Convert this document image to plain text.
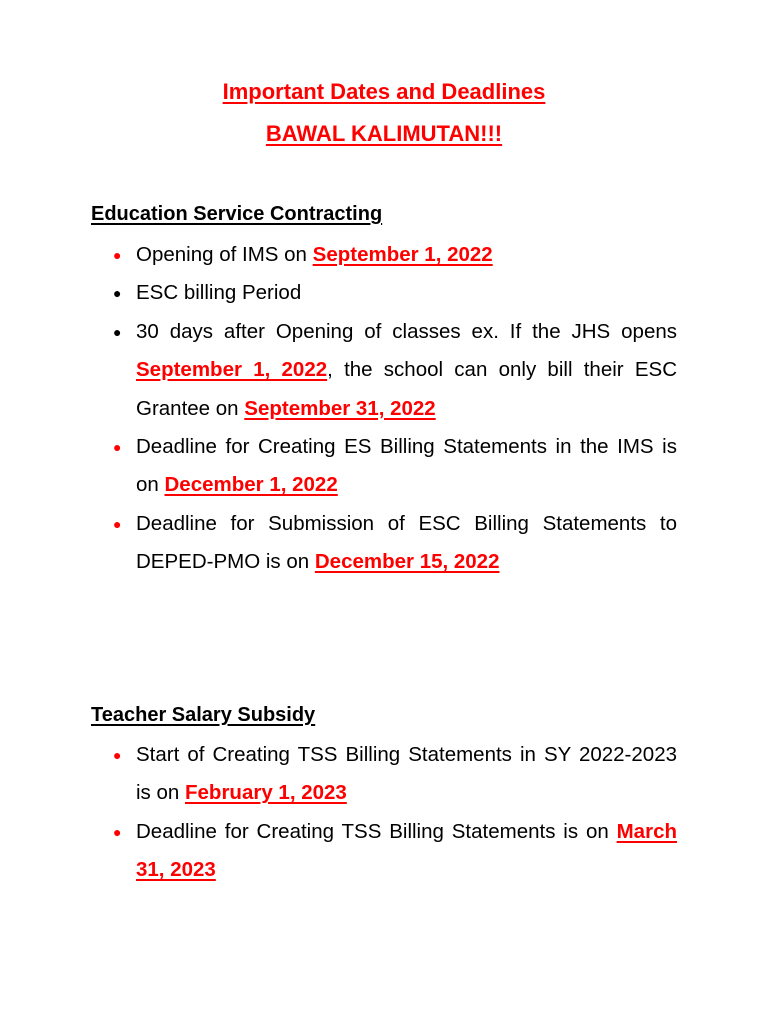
Important Dates and Deadlines
BAWAL KALIMUTAN!!!
Education Service Contracting
● Opening of IMS on September 1, 2022
● ESC billing Period
● 30 days after Opening of classes ex. If the JHS opens September 1, 2022, the school can only bill their ESC Grantee on September 31, 2022
● Deadline for Creating ES Billing Statements in the IMS is on December 1, 2022
● Deadline for Submission of ESC Billing Statements to DEPED-PMO is on December 15, 2022
Teacher Salary Subsidy
● Start of Creating TSS Billing Statements in SY 2022-2023 is on February 1, 2023
● Deadline for Creating TSS Billing Statements is on March 31, 2023
